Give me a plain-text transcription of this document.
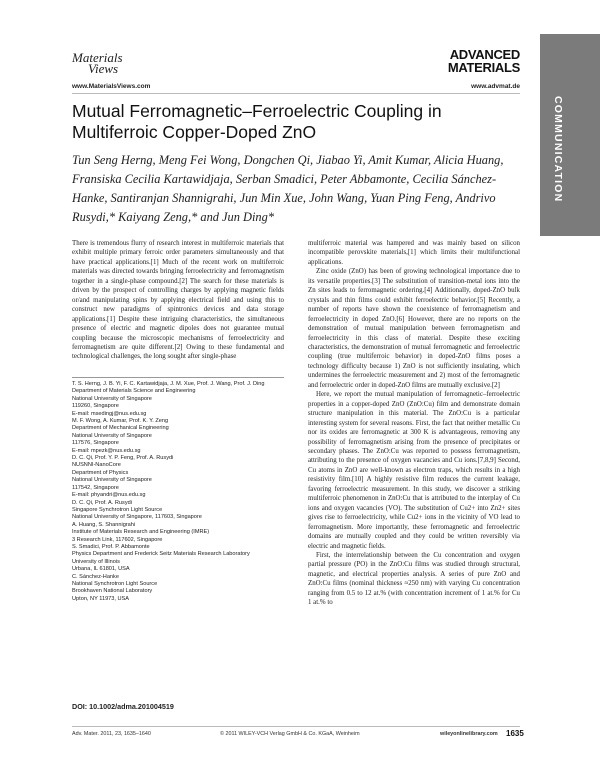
Materials
Views
ADVANCED
MATERIALS
www.MaterialsViews.com	www.advmat.de
COMMUNICATION
Mutual Ferromagnetic–Ferroelectric Coupling in Multiferroic Copper-Doped ZnO
Tun Seng Herng, Meng Fei Wong, Dongchen Qi, Jiabao Yi, Amit Kumar, Alicia Huang, Fransiska Cecilia Kartawidjaja, Serban Smadici, Peter Abbamonte, Cecilia Sánchez-Hanke, Santiranjan Shannigrahi, Jun Min Xue, John Wang, Yuan Ping Feng, Andrivo Rusydi,* Kaiyang Zeng,* and Jun Ding*

There is tremendous flurry of research interest in multiferroic materials that exhibit multiple primary ferroic order parameters simultaneously and that have practical applications.[1] Much of the recent work on multiferroic materials was directed towards bringing ferroelectricity and ferromagnetism together in a single-phase compound.[2] The search for these materials is driven by the prospect of controlling charges by applying magnetic fields or/and manipulating spins by applying electrical field and using this to construct new paradigms of spintronics devices and data storage applications.[1] Despite these intriguing characteristics, the simultaneous presence of electric and magnetic dipoles does not guarantee mutual coupling because the microscopic mechanisms of ferroelectricity and ferromagnetism are quite different.[2] Owing to these fundamental and technological challenges, the long sought after single-phase

T. S. Herng, J. B. Yi, F. C. Kartawidjaja, J. M. Xue, Prof. J. Wang, Prof. J. Ding

Department of Materials Science and Engineering

National University of Singapore

119260, Singapore

E-mail: msedingj@nus.edu.sg

M. F. Wong, A. Kumar, Prof. K. Y. Zeng

Department of Mechanical Engineering

National University of Singapore

117576, Singapore

E-mail: mpezk@nus.edu.sg

D. C. Qi, Prof. Y. P. Feng, Prof. A. Rusydi

NUSNNI-NanoCore

Department of Physics

National University of Singapore

117542, Singapore

E-mail: phyandri@nus.edu.sg

D. C. Qi, Prof. A. Rusydi

Singapore Synchrotron Light Source

National University of Singapore, 117603, Singapore

A. Huang, S. Shannigrahi

Institute of Materials Research and Engineering (IMRE)

3 Research Link, 117602, Singapore

S. Smadici, Prof. P. Abbamonte

Physics Department and Frederick Seitz Materials Research Laboratory

University of Illinois

Urbana, IL 61801, USA

C. Sánchez-Hanke

National Synchrotron Light Source

Brookhaven National Laboratory

Upton, NY 11973, USA

DOI: 10.1002/adma.201004519

multiferroic material was hampered and was mainly based on silicon incompatible perovskite materials,[1] which limits their multifunctional applications.

Zinc oxide (ZnO) has been of growing technological importance due to its versatile properties.[3] The substitution of transition-metal ions into the Zn sites leads to ferromagnetic ordering.[4] Additionally, doped-ZnO bulk crystals and thin films could exhibit ferroelectric behavior.[5] Recently, a number of reports have shown the coexistence of ferromagnetism and ferroelectricity in doped ZnO.[6] However, there are no reports on the demonstration of mutual manipulation between ferromagnetism and ferroelectricity in this class of material. Despite these exciting characteristics, the demonstration of mutual ferromagnetic and ferroelectric coupling (true multiferroic behavior) in doped-ZnO films poses a technology difficulty because 1) ZnO is not sufficiently insulating, which undermines the ferroelectric measurement and 2) most of the ferromagnetic and ferroelectric order in doped-ZnO films are mutually exclusive.[2]

Here, we report the mutual manipulation of ferromagnetic–ferroelectric properties in a copper-doped ZnO (ZnO:Cu) film and demonstrate domain structure manipulation in this material. The ZnO:Cu is a particular interesting system for several reasons. First, the fact that neither metallic Cu nor its oxides are ferromagnetic at 300 K is advantageous, removing any possibility of ferromagnetism arising from the presence of precipitates or secondary phases. The ZnO:Cu was reported to possess ferromagnetism, attributing to the presence of oxygen vacancies and Cu ions.[7,8,9] Second, Cu atoms in ZnO are well-known as electron traps, which results in a high resistivity film.[10] A highly resistive film reduces the current leakage, favoring ferroelectric measurement. In this study, we discover a striking multiferroic phenomenon in ZnO:Cu that is attributed to the interplay of Cu ions and oxygen vacancies (VO). The substitution of Cu2+ into Zn2+ sites gives rise to ferroelectricity, while Cu2+ ions in the vicinity of VO lead to ferromagnetism. More importantly, these ferromagnetic and ferroelectric domains are mutually coupled and they could be written reversibly via electric and magnetic fields.

First, the interrelationship between the Cu concentration and oxygen partial pressure (PO) in the ZnO:Cu films was studied through structural, magnetic, and electrical properties analysis. A series of pure ZnO and ZnO:Cu films (nominal thickness ≈250 nm) with varying Cu concentration ranging from 0.5 to 12 at.% (with concentration increment of 1 at.% for Cu 1 at.% to

Adv. Mater. 2011, 23, 1635–1640	© 2011 WILEY-VCH Verlag GmbH & Co. KGaA, Weinheim	wileyonlinelibrary.com 1635
